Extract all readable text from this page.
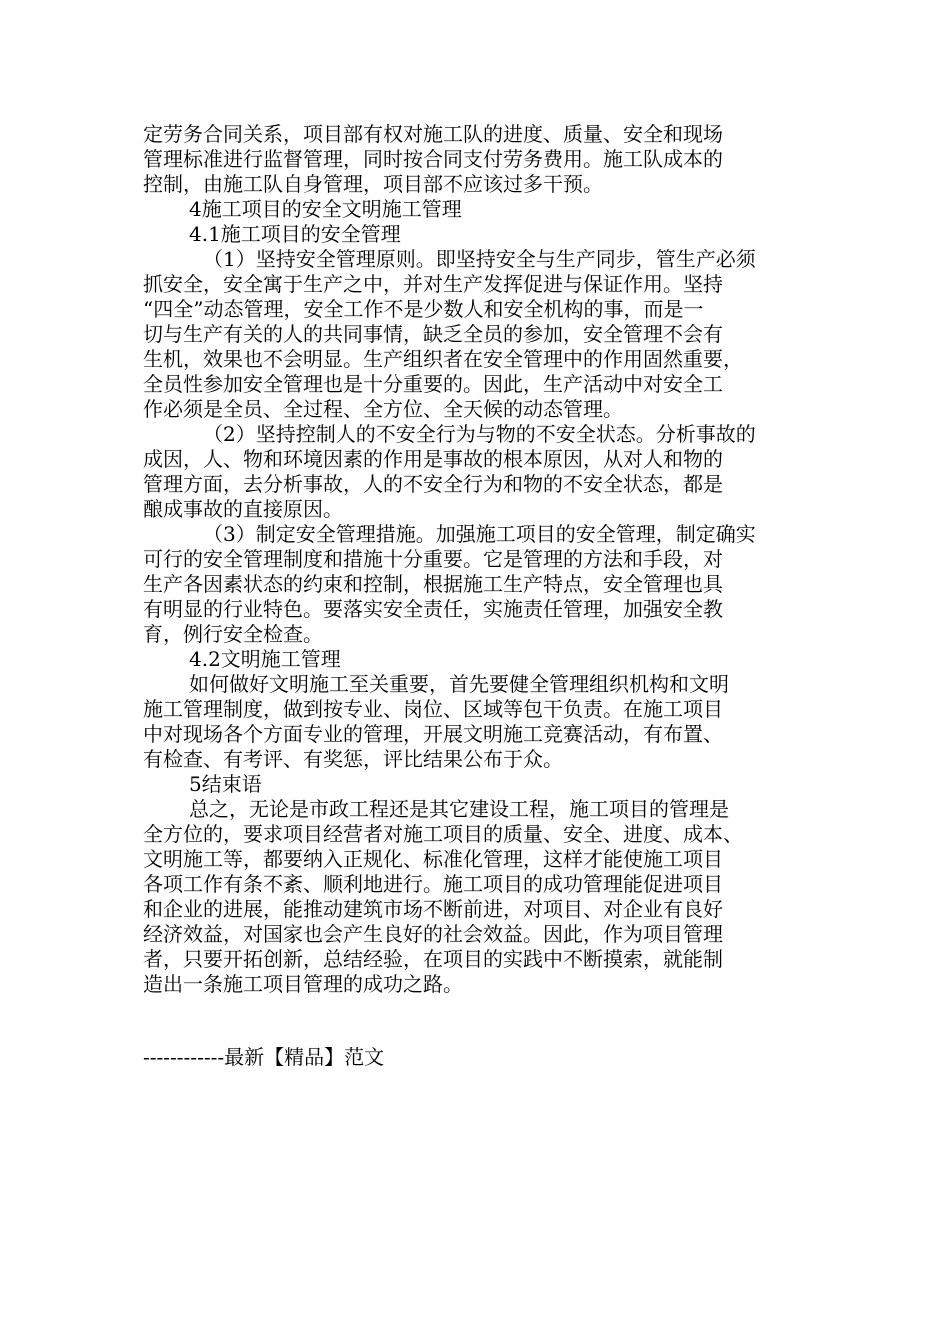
定劳务合同关系，项目部有权对施工队的进度、质量、安全和现场
管理标准进行监督管理，同时按合同支付劳务费用。施工队成本的
控制，由施工队自身管理，项目部不应该过多干预。
4施工项目的安全文明施工管理
4.1施工项目的安全管理
（1）坚持安全管理原则。即坚持安全与生产同步，管生产必须
抓安全，安全寓于生产之中，并对生产发挥促进与保证作用。坚持
“四全”动态管理，安全工作不是少数人和安全机构的事，而是一
切与生产有关的人的共同事情，缺乏全员的参加，安全管理不会有
生机，效果也不会明显。生产组织者在安全管理中的作用固然重要，
全员性参加安全管理也是十分重要的。因此，生产活动中对安全工
作必须是全员、全过程、全方位、全天候的动态管理。
（2）坚持控制人的不安全行为与物的不安全状态。分析事故的
成因，人、物和环境因素的作用是事故的根本原因，从对人和物的
管理方面，去分析事故，人的不安全行为和物的不安全状态，都是
酿成事故的直接原因。
（3）制定安全管理措施。加强施工项目的安全管理，制定确实
可行的安全管理制度和措施十分重要。它是管理的方法和手段，对
生产各因素状态的约束和控制，根据施工生产特点，安全管理也具
有明显的行业特色。要落实安全责任，实施责任管理，加强安全教
育，例行安全检查。
4.2文明施工管理
如何做好文明施工至关重要，首先要健全管理组织机构和文明
施工管理制度，做到按专业、岗位、区域等包干负责。在施工项目
中对现场各个方面专业的管理，开展文明施工竞赛活动，有布置、
有检查、有考评、有奖惩，评比结果公布于众。
5结束语
总之，无论是市政工程还是其它建设工程，施工项目的管理是
全方位的，要求项目经营者对施工项目的质量、安全、进度、成本、
文明施工等，都要纳入正规化、标准化管理，这样才能使施工项目
各项工作有条不紊、顺利地进行。施工项目的成功管理能促进项目
和企业的进展，能推动建筑市场不断前进，对项目、对企业有良好
经济效益，对国家也会产生良好的社会效益。因此，作为项目管理
者，只要开拓创新，总结经验，在项目的实践中不断摸索，就能制
造出一条施工项目管理的成功之路。
------------最新【精品】范文
